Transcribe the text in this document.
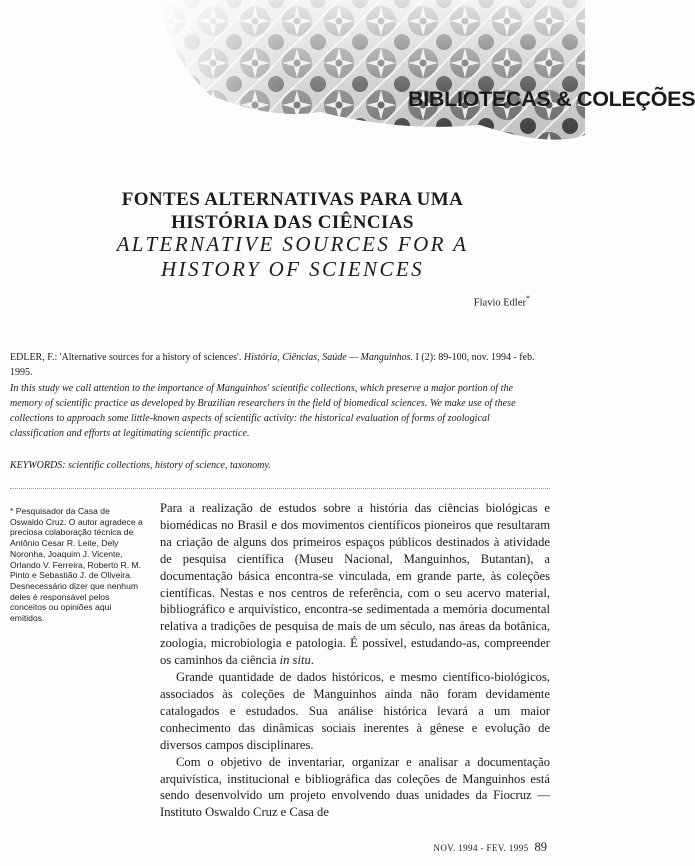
BIBLIOTECAS & COLEÇÕES
FONTES ALTERNATIVAS PARA UMA
HISTÓRIA DAS CIÊNCIAS
ALTERNATIVE SOURCES FOR A
HISTORY OF SCIENCES
Flavio Edler*
EDLER, F.: 'Alternative sources for a history of sciences'. História, Ciências, Saúde — Manguinhos. I (2): 89-100, nov. 1994 - feb. 1995.
In this study we call attention to the importance of Manguinhos' scientific collections, which preserve a major portion of the memory of scientific practice as developed by Brazilian researchers in the field of biomedical sciences. We make use of these collections to approach some little-known aspects of scientific activity: the historical evaluation of forms of zoological classification and efforts at legitimating scientific practice.
KEYWORDS: scientific collections, history of science, taxonomy.
* Pesquisador da Casa de Oswaldo Cruz. O autor agradece a preciosa colaboração técnica de Antônio Cesar R. Leite, Dely Noronha, Joaquim J. Vicente, Orlando V. Ferreira, Roberto R. M. Pinto e Sebastião J. de Oliveira. Desnecessário dizer que nenhum deles é responsável pelos conceitos ou opiniões aqui emitidos.

Para a realização de estudos sobre a história das ciências biológicas e biomédicas no Brasil e dos movimentos científicos pioneiros que resultaram na criação de alguns dos primeiros espaços públicos destinados à atividade de pesquisa científica (Museu Nacional, Manguinhos, Butantan), a documentação básica encontra-se vinculada, em grande parte, às coleções científicas. Nestas e nos centros de referência, com o seu acervo material, bibliográfico e arquivístico, encontra-se sedimentada a memória documental relativa a tradições de pesquisa de mais de um século, nas áreas da botânica, zoologia, microbiologia e patologia. É possível, estudando-as, compreender os caminhos da ciência in situ.

Grande quantidade de dados históricos, e mesmo científico-biológicos, associados às coleções de Manguinhos ainda não foram devidamente catalogados e estudados. Sua análise histórica levará a um maior conhecimento das dinâmicas sociais inerentes à gênese e evolução de diversos campos disciplinares.

Com o objetivo de inventariar, organizar e analisar a documentação arquivística, institucional e bibliográfica das coleções de Manguinhos está sendo desenvolvido um projeto envolvendo duas unidades da Fiocruz — Instituto Oswaldo Cruz e Casa de

NOV. 1994 - FEV. 1995 89
